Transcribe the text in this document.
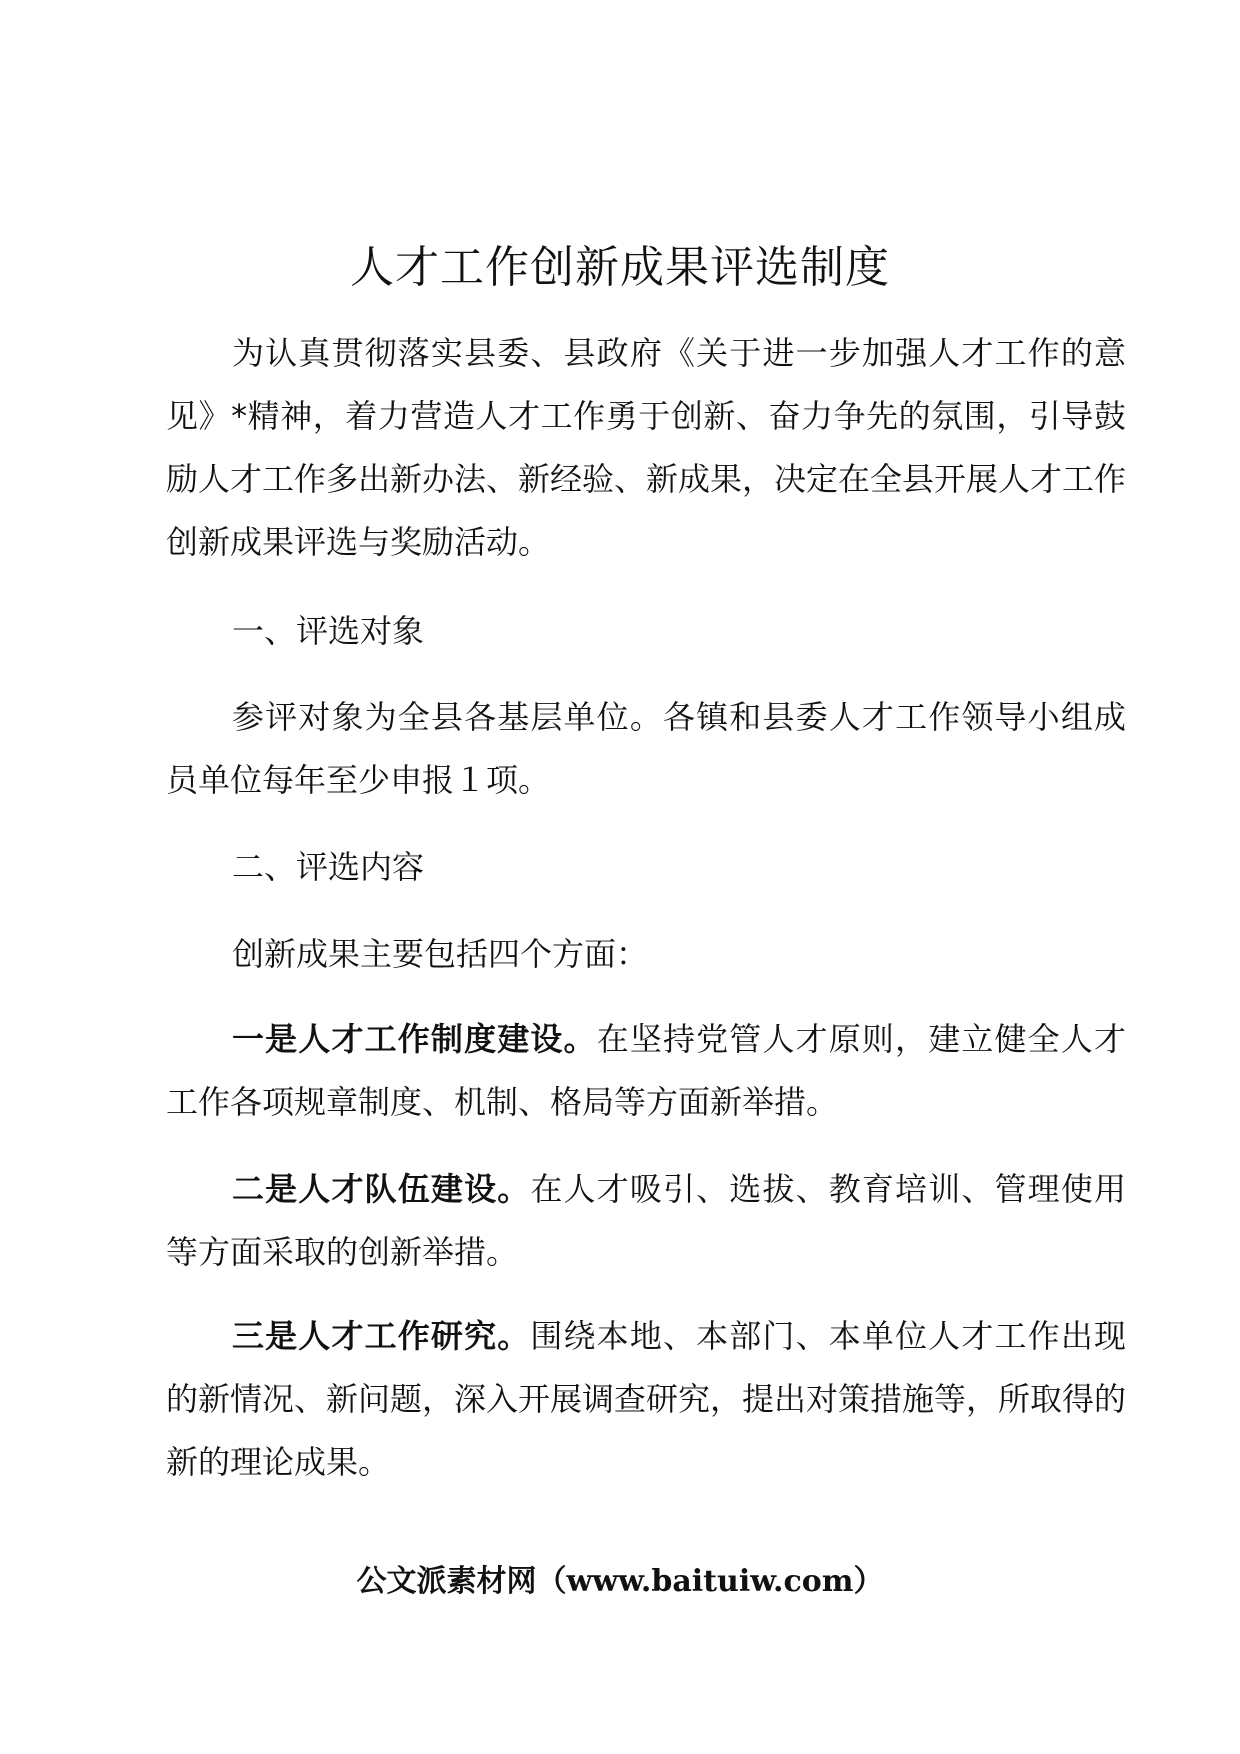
人才工作创新成果评选制度

为认真贯彻落实县委、县政府《关于进一步加强人才工作的意见》*精神，着力营造人才工作勇于创新、奋力争先的氛围，引导鼓励人才工作多出新办法、新经验、新成果，决定在全县开展人才工作创新成果评选与奖励活动。

一、评选对象

参评对象为全县各基层单位。各镇和县委人才工作领导小组成员单位每年至少申报１项。

二、评选内容

创新成果主要包括四个方面：

一是人才工作制度建设。在坚持党管人才原则，建立健全人才工作各项规章制度、机制、格局等方面新举措。

二是人才队伍建设。在人才吸引、选拔、教育培训、管理使用等方面采取的创新举措。

三是人才工作研究。围绕本地、本部门、本单位人才工作出现的新情况、新问题，深入开展调查研究，提出对策措施等，所取得的新的理论成果。

公文派素材网（www.baituiw.com）
